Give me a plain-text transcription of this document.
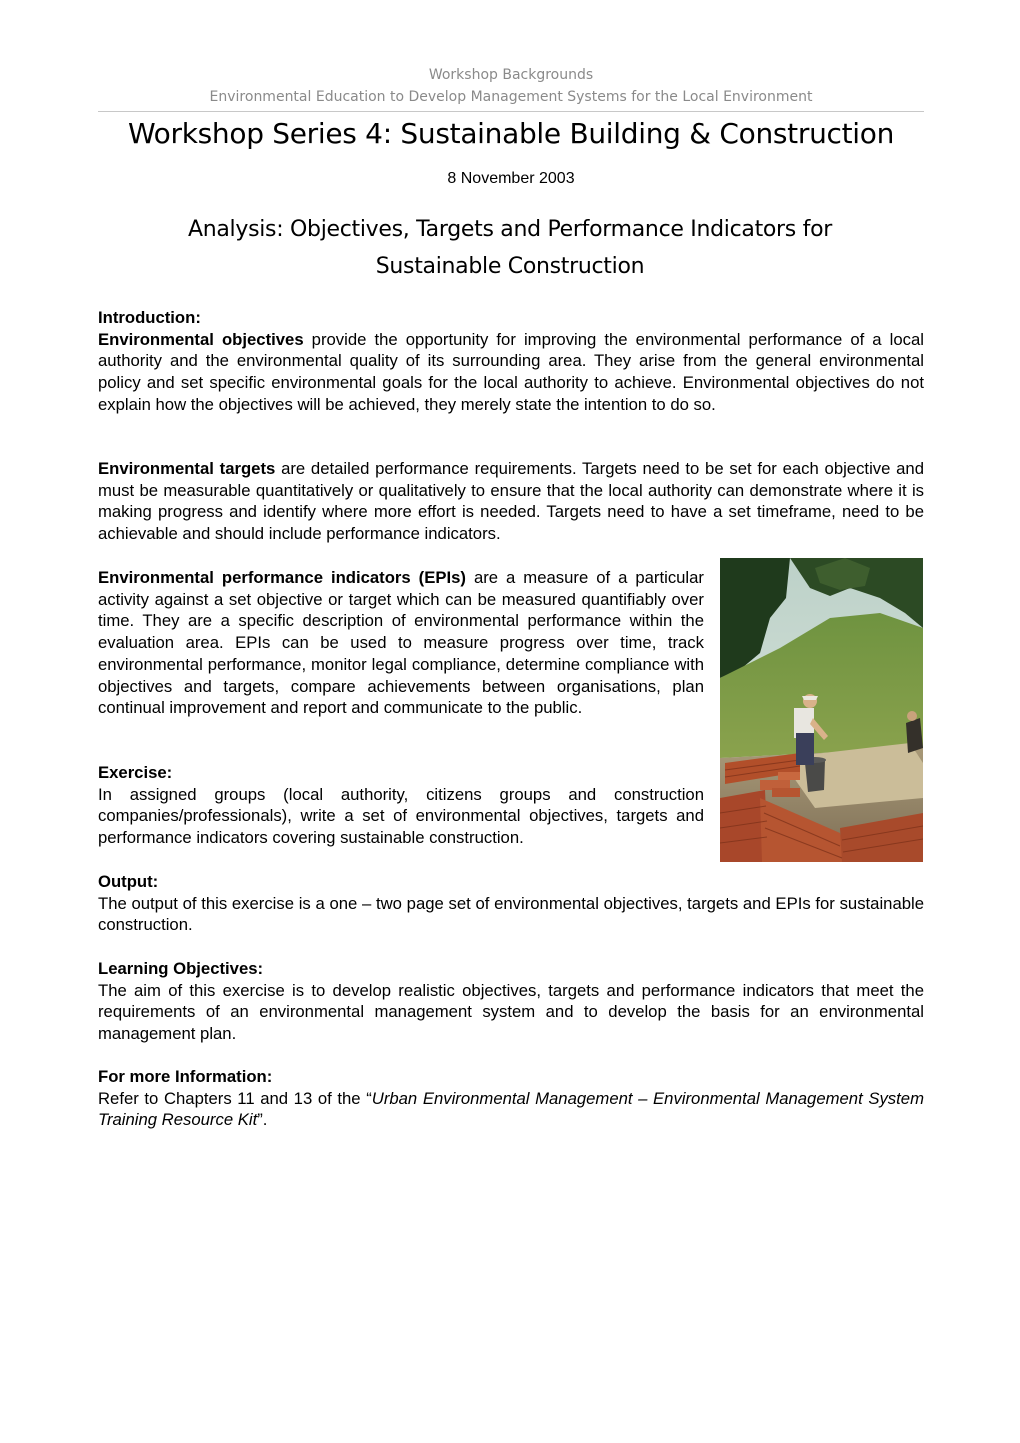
Workshop Backgrounds
Environmental Education to Develop Management Systems for the Local Environment
Workshop Series 4: Sustainable Building & Construction
8 November 2003
Analysis: Objectives, Targets and Performance Indicators for Sustainable Construction
Introduction:

Environmental objectives provide the opportunity for improving the environmental performance of a local authority and the environmental quality of its surrounding area. They arise from the general environmental policy and set specific environmental goals for the local authority to achieve. Environmental objectives do not explain how the objectives will be achieved, they merely state the intention to do so.

Environmental targets are detailed performance requirements. Targets need to be set for each objective and must be measurable quantitatively or qualitatively to ensure that the local authority can demonstrate where it is making progress and identify where more effort is needed. Targets need to have a set timeframe, need to be achievable and should include performance indicators.

Environmental performance indicators (EPIs) are a measure of a particular activity against a set objective or target which can be measured quantifiably over time. They are a specific description of environmental performance within the evaluation area. EPIs can be used to measure progress over time, track environmental performance, monitor legal compliance, determine compliance with objectives and targets, compare achievements between organisations, plan continual improvement and report and communicate to the public.

Exercise:

In assigned groups (local authority, citizens groups and construction companies/professionals), write a set of environmental objectives, targets and performance indicators covering sustainable construction.

Output:

The output of this exercise is a one – two page set of environmental objectives, targets and EPIs for sustainable construction.

Learning Objectives:

The aim of this exercise is to develop realistic objectives, targets and performance indicators that meet the requirements of an environmental management system and to develop the basis for an environmental management plan.

For more Information:

Refer to Chapters 11 and 13 of the “Urban Environmental Management – Environmental Management System Training Resource Kit”.
